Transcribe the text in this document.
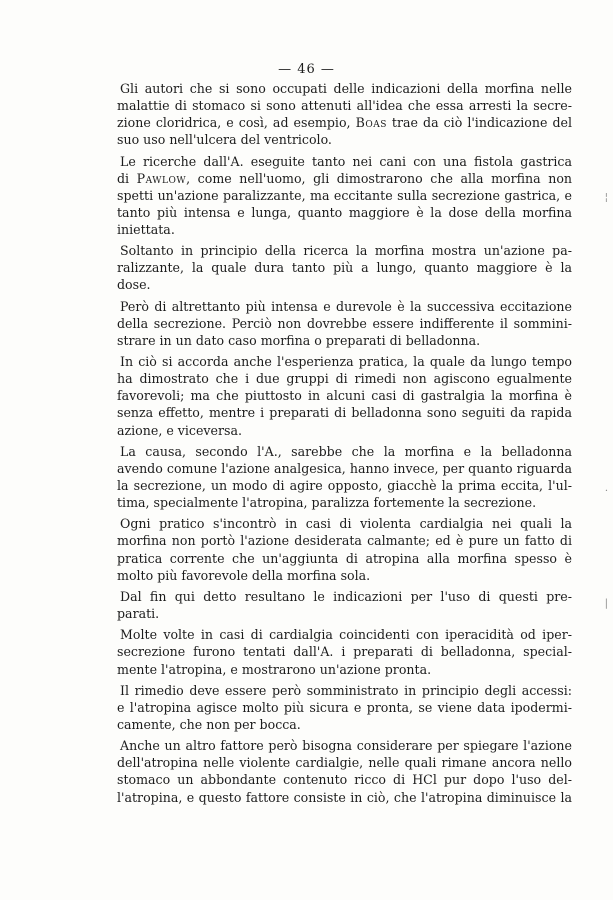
— 46 —
Gli autori che si sono occupati delle indicazioni della morfina nelle
malattie di stomaco si sono attenuti all'idea che essa arresti la secre-
zione cloridrica, e così, ad esempio, Boas trae da ciò l'indicazione del
suo uso nell'ulcera del ventricolo.
Le ricerche dall'A. eseguite tanto nei cani con una fistola gastrica
di Pawlow, come nell'uomo, gli dimostrarono che alla morfina non
spetti un'azione paralizzante, ma eccitante sulla secrezione gastrica, e
tanto più intensa e lunga, quanto maggiore è la dose della morfina
iniettata.
Soltanto in principio della ricerca la morfina mostra un'azione pa-
ralizzante, la quale dura tanto più a lungo, quanto maggiore è la
dose.
Però di altrettanto più intensa e durevole è la successiva eccitazione
della secrezione. Perciò non dovrebbe essere indifferente il sommini-
strare in un dato caso morfina o preparati di belladonna.
In ciò si accorda anche l'esperienza pratica, la quale da lungo tempo
ha dimostrato che i due gruppi di rimedi non agiscono egualmente
favorevoli; ma che piuttosto in alcuni casi di gastralgia la morfina è
senza effetto, mentre i preparati di belladonna sono seguiti da rapida
azione, e viceversa.
La causa, secondo l'A., sarebbe che la morfina e la belladonna
avendo comune l'azione analgesica, hanno invece, per quanto riguarda
la secrezione, un modo di agire opposto, giacchè la prima eccita, l'ul-
tima, specialmente l'atropina, paralizza fortemente la secrezione.
Ogni pratico s'incontrò in casi di violenta cardialgia nei quali la
morfina non portò l'azione desiderata calmante; ed è pure un fatto di
pratica corrente che un'aggiunta di atropina alla morfina spesso è
molto più favorevole della morfina sola.
Dal fin qui detto resultano le indicazioni per l'uso di questi pre-
parati.
Molte volte in casi di cardialgia coincidenti con iperacidità od iper-
secrezione furono tentati dall'A. i preparati di belladonna, special-
mente l'atropina, e mostrarono un'azione pronta.
Il rimedio deve essere però somministrato in principio degli accessi:
e l'atropina agisce molto più sicura e pronta, se viene data ipodermi-
camente, che non per bocca.
Anche un altro fattore però bisogna considerare per spiegare l'azione
dell'atropina nelle violente cardialgie, nelle quali rimane ancora nello
stomaco un abbondante contenuto ricco di HCl pur dopo l'uso del-
l'atropina, e questo fattore consiste in ciò, che l'atropina diminuisce la
¦
·
|
